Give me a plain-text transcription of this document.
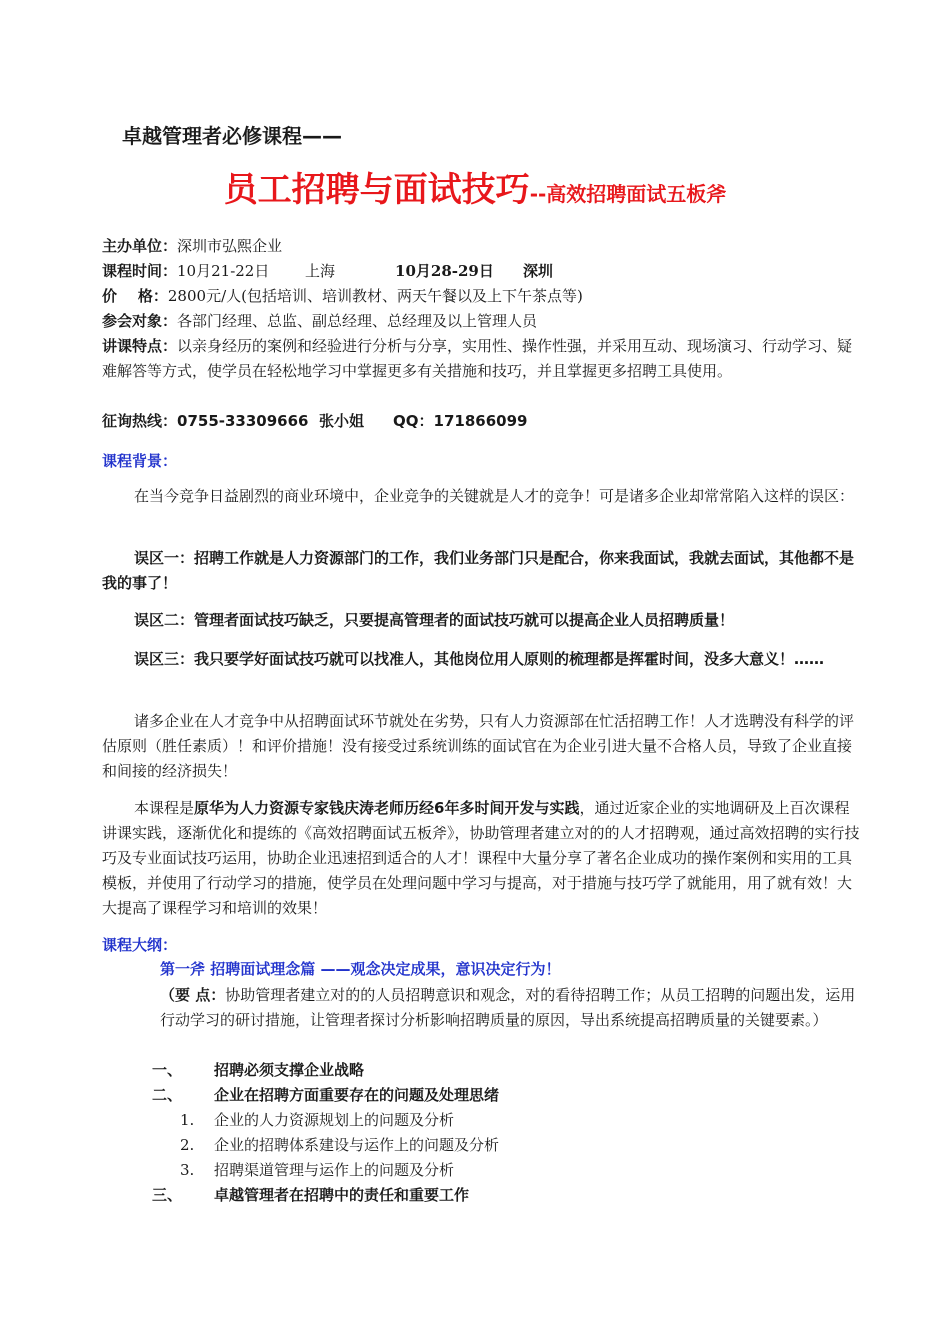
卓越管理者必修课程——
员工招聘与面试技巧--高效招聘面试五板斧
主办单位：深圳市弘熙企业
课程时间：10月21-22日 上海	10月28-29日 深圳
价    格：2800元/人(包括培训、培训教材、两天午餐以及上下午茶点等)
参会对象：各部门经理、总监、副总经理、总经理及以上管理人员
讲课特点：以亲身经历的案例和经验进行分析与分享，实用性、操作性强，并采用互动、现场演习、行动学习、疑难解答等方式，使学员在轻松地学习中掌握更多有关措施和技巧，并且掌握更多招聘工具使用。
征询热线：0755-33309666 张小姐 QQ：171866099
课程背景：
在当今竞争日益剧烈的商业环境中，企业竞争的关键就是人才的竞争！可是诸多企业却常常陷入这样的误区：
误区一：招聘工作就是人力资源部门的工作，我们业务部门只是配合，你来我面试，我就去面试，其他都不是我的事了！
误区二：管理者面试技巧缺乏，只要提高管理者的面试技巧就可以提高企业人员招聘质量！
误区三：我只要学好面试技巧就可以找准人，其他岗位用人原则的梳理都是挥霍时间，没多大意义！……
诸多企业在人才竞争中从招聘面试环节就处在劣势，只有人力资源部在忙活招聘工作！人才选聘没有科学的评估原则（胜任素质）！和评价措施！没有接受过系统训练的面试官在为企业引进大量不合格人员，导致了企业直接和间接的经济损失！
本课程是原华为人力资源专家钱庆涛老师历经6年多时间开发与实践，通过近家企业的实地调研及上百次课程讲课实践，逐渐优化和提练的《高效招聘面试五板斧》，协助管理者建立对的的人才招聘观，通过高效招聘的实行技巧及专业面试技巧运用，协助企业迅速招到适合的人才！课程中大量分享了著名企业成功的操作案例和实用的工具模板，并使用了行动学习的措施，使学员在处理问题中学习与提高，对于措施与技巧学了就能用，用了就有效！大大提高了课程学习和培训的效果！
课程大纲：
第一斧 招聘面试理念篇 ——观念决定成果，意识决定行为！
（要 点：协助管理者建立对的的人员招聘意识和观念，对的看待招聘工作；从员工招聘的问题出发，运用行动学习的研讨措施，让管理者探讨分析影响招聘质量的原因，导出系统提高招聘质量的关键要素。）
一、 招聘必须支撑企业战略
二、 企业在招聘方面重要存在的问题及处理思绪
1. 企业的人力资源规划上的问题及分析
2. 企业的招聘体系建设与运作上的问题及分析
3. 招聘渠道管理与运作上的问题及分析
三、 卓越管理者在招聘中的责任和重要工作
